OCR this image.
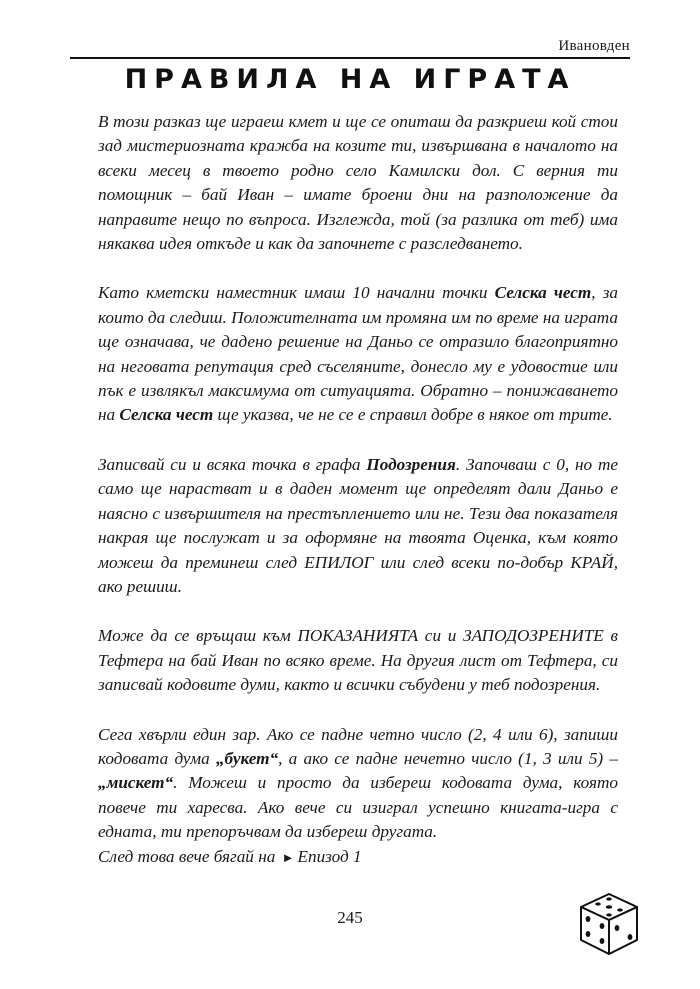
Ивановден
ПРАВИЛА НА ИГРАТА

В този разказ ще играеш кмет и ще се опиташ да разкриеш кой стои зад мистериозната кражба на козите ти, извършвана в началото на всеки месец в твоето родно село Камилски дол. С верния ти помощник – бай Иван – имате броени дни на разположение да направите нещо по въпроса. Изглежда, той (за разлика от теб) има някаква идея откъде и как да започнете с разследването.

Като кметски наместник имаш 10 начални точки Селска чест, за които да следиш. Положителната им промяна им по време на играта ще означава, че дадено решение на Даньо се отразило благоприятно на неговата репутация сред съселяните, донесло му е удовостие или пък е извлякъл максимума от ситуацията. Обратно – понижаването на Селска чест ще указва, че не се е справил добре в някое от трите.

Записвай си и всяка точка в графа Подозрения. Започваш с 0, но те само ще нарастват и в даден момент ще определят дали Даньо е наясно с извършителя на престъплението или не. Тези два показателя накрая ще послужат и за оформяне на твоята Оценка, към която можеш да преминеш след ЕПИЛОГ или след всеки по-добър КРАЙ, ако решиш.

Може да се връщаш към ПОКАЗАНИЯТА си и ЗАПОДОЗРЕНИТЕ в Тефтера на бай Иван по всяко време. На другия лист от Тефтера, си записвай кодовите думи, както и всички събудени у теб подозрения.

Сега хвърли един зар. Ако се падне четно число (2, 4 или 6), запиши кодовата дума „букет“, а ако се падне нечетно число (1, 3 или 5) – „мискет“. Можеш и просто да избереш кодовата дума, която повече ти харесва. Ако вече си изиграл успешно книгата-игра с едната, ти препоръчвам да избереш другата.

След това вече бягай на ► Епизод 1

245
